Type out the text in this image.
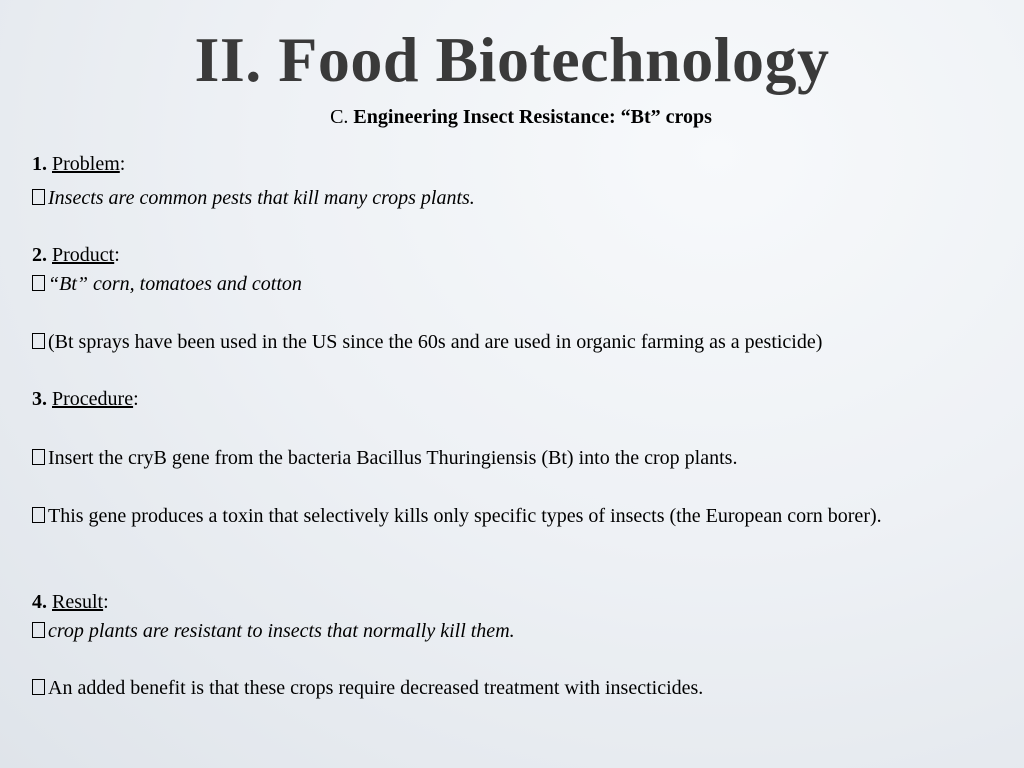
II. Food Biotechnology
C. Engineering Insect Resistance: “Bt” crops
1. Problem:
Insects are common pests that kill many crops plants.
2. Product:
“Bt” corn, tomatoes and cotton
(Bt sprays have been used in the US since the 60s and are used in organic farming as a pesticide)
3. Procedure:
Insert the cryB gene from the bacteria Bacillus Thuringiensis (Bt) into the crop plants.
This gene produces a toxin that selectively kills only specific types of insects (the European corn borer).
4. Result:
crop plants are resistant to insects that normally kill them.
An added benefit is that these crops require decreased treatment with insecticides.
